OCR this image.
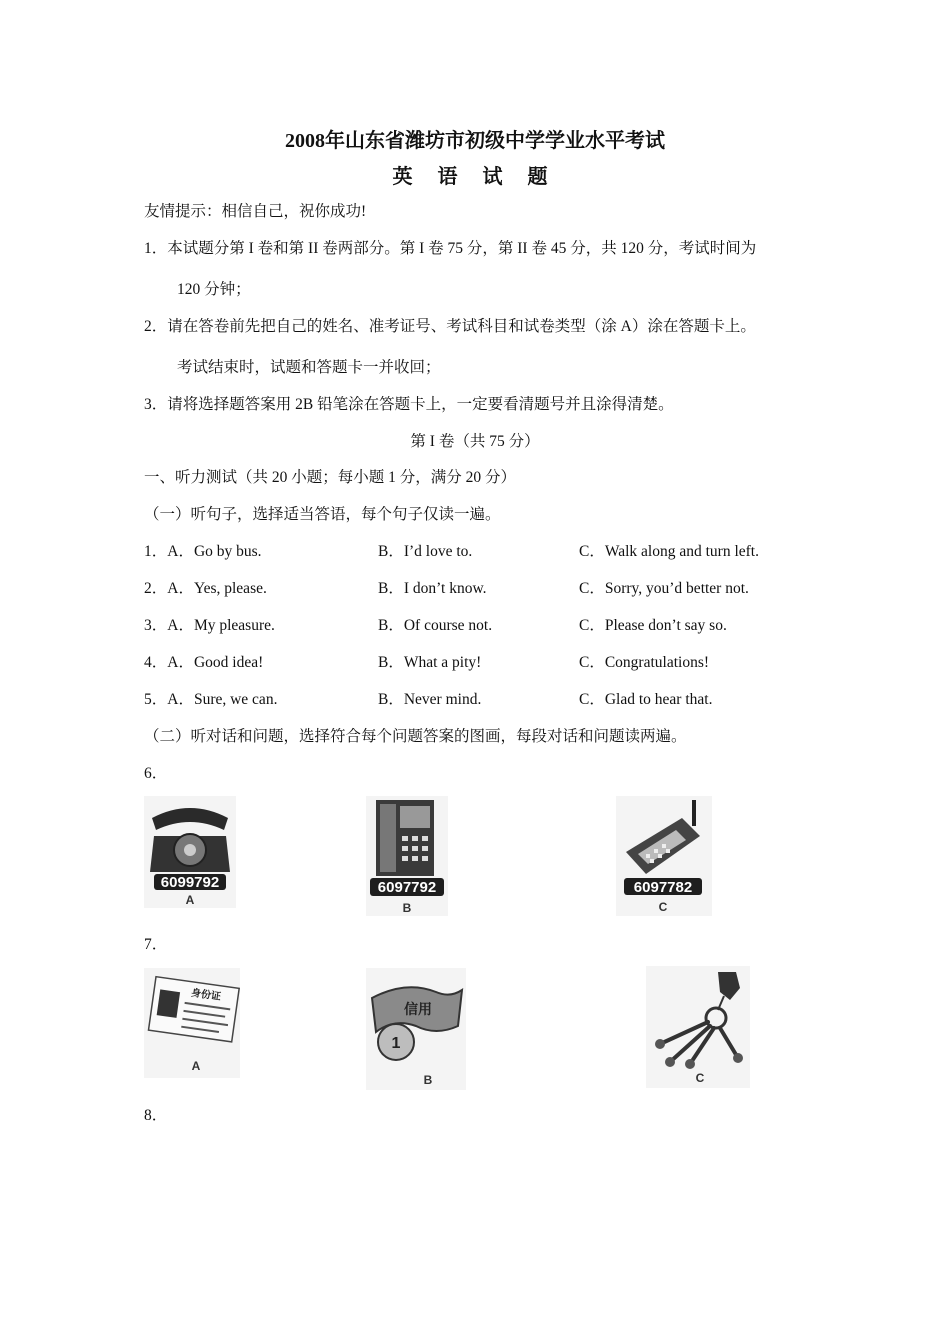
2008年山东省潍坊市初级中学学业水平考试
英 语 试 题
友情提示：相信自己，祝你成功!
1．本试题分第 I 卷和第 II 卷两部分。第 I 卷 75 分，第 II 卷 45 分，共 120 分，考试时间为
120 分钟；
2．请在答卷前先把自己的姓名、准考证号、考试科目和试卷类型（涂 A）涂在答题卡上。
考试结束时，试题和答题卡一并收回；
3．请将选择题答案用 2B 铅笔涂在答题卡上，一定要看清题号并且涂得清楚。
第 I 卷（共 75 分）
一、听力测试（共 20 小题；每小题 1 分，满分 20 分）
（一）听句子，选择适当答语，每个句子仅读一遍。
1．A．Go by bus.	B．I’d love to.	C．Walk along and turn left.
2．A．Yes, please.	B．I don’t know.	C．Sorry, you’d better not.
3．A．My pleasure.	B．Of course not.	C．Please don’t say so.
4．A．Good idea!	B．What a pity!	C．Congratulations!
5．A．Sure, we can.	B．Never mind.	C．Glad to hear that.
（二）听对话和问题，选择符合每个问题答案的图画，每段对话和问题读两遍。
6．
6099792
A
6097792
B
6097782
C
7．
身份证
A
信用
1
B	C
8．
